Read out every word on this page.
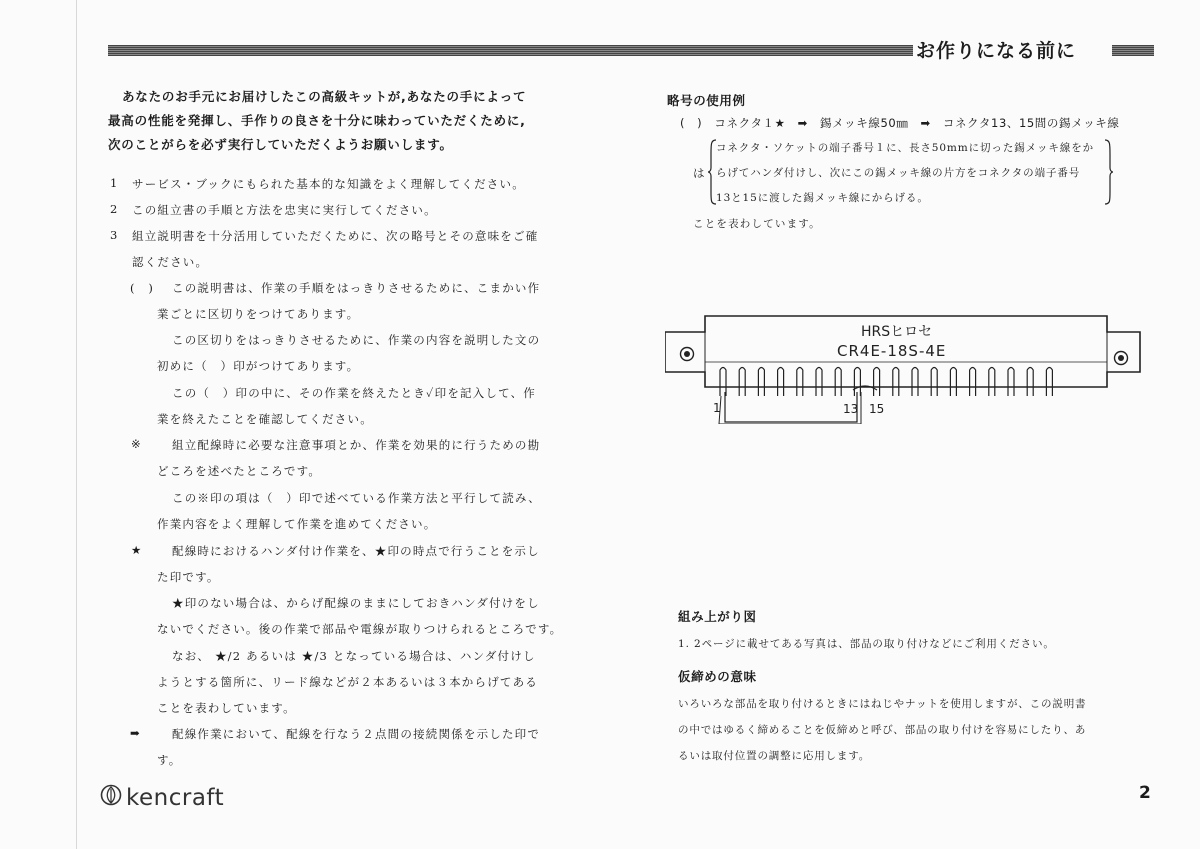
お作りになる前に
あなたのお手元にお届けしたこの高級キットが,あなたの手によって
最高の性能を発揮し、手作りの良さを十分に味わっていただくために,
次のことがらを必ず実行していただくようお願いします。
1 サービス・ブックにもられた基本的な知識をよく理解してください。
2 この組立書の手順と方法を忠実に実行してください。
3 組立説明書を十分活用していただくために、次の略号とその意味をご確
認ください。
(　) この説明書は、作業の手順をはっきりさせるために、こまかい作
業ごとに区切りをつけてあります。
この区切りをはっきりさせるために、作業の内容を説明した文の
初めに（　）印がつけてあります。
この（　）印の中に、その作業を終えたとき✓印を記入して、作
業を終えたことを確認してください。
※	組立配線時に必要な注意事項とか、作業を効果的に行うための勘
どころを述べたところです。
この※印の項は（　）印で述べている作業方法と平行して読み、
作業内容をよく理解して作業を進めてください。
★	配線時におけるハンダ付け作業を、★印の時点で行うことを示し
た印です。
★印のない場合は、からげ配線のままにしておきハンダ付けをし
ないでください。後の作業で部品や電線が取りつけられるところです。
なお、 ★/2 あるいは ★/3 となっている場合は、ハンダ付けし
ようとする箇所に、リード線などが２本あるいは３本からげてある
ことを表わしています。
➡	配線作業において、配線を行なう２点間の接続関係を示した印で
す。
kencraft	2
略号の使用例
(　)　コネクタ１★　➡　錫メッキ線50㎜　➡　コネクタ13、15間の錫メッキ線
は
コネクタ・ソケットの端子番号１に、長さ50mmに切った錫メッキ線をか
らげてハンダ付けし、次にこの錫メッキ線の片方をコネクタの端子番号
13と15に渡した錫メッキ線にからげる。
ことを表わしています。
HRSヒロセ
CR4E-18S-4E
1	13 15
組み上がり図
1. 2ページに載せてある写真は、部品の取り付けなどにご利用ください。
仮締めの意味
いろいろな部品を取り付けるときにはねじやナットを使用しますが、この説明書
の中ではゆるく締めることを仮締めと呼び、部品の取り付けを容易にしたり、あ
るいは取付位置の調整に応用します。
